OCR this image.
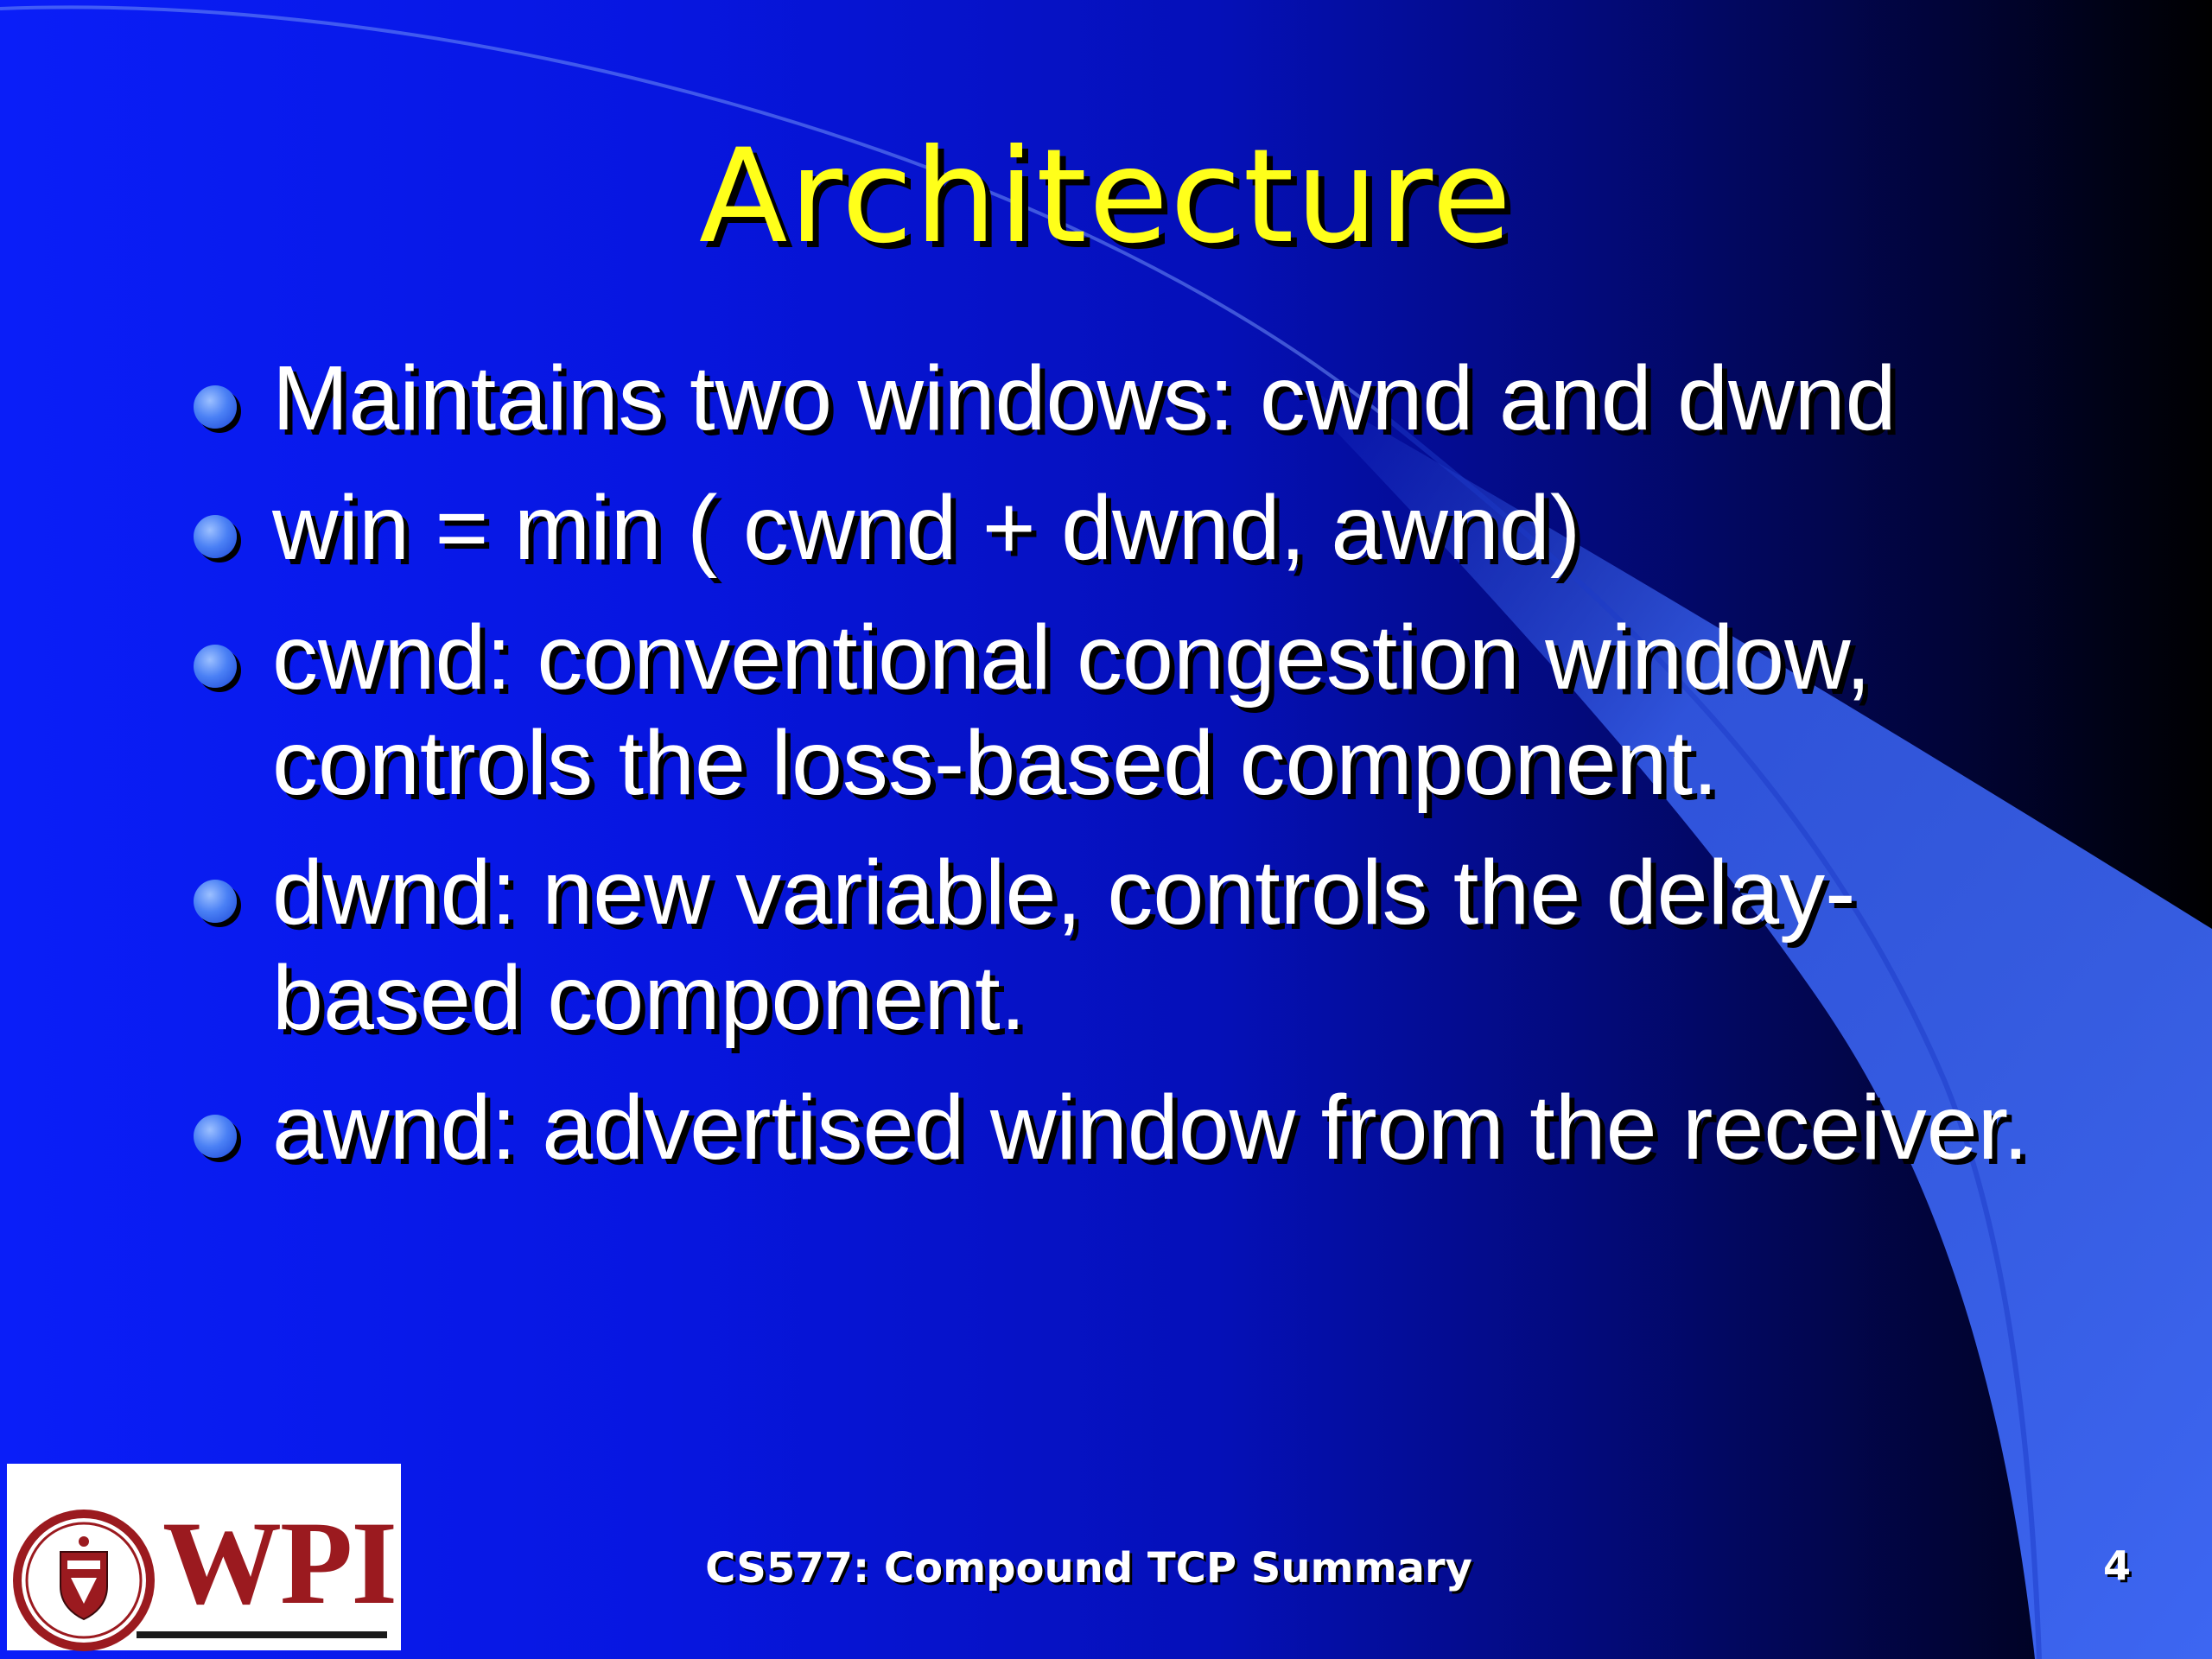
Architecture
Maintains two windows: cwnd and dwnd
win = min ( cwnd + dwnd, awnd)
cwnd: conventional congestion window, controls the loss-based component.
dwnd: new variable, controls the delay-based component.
awnd: advertised window from the receiver.
WPI	CS577: Compound TCP Summary	4
